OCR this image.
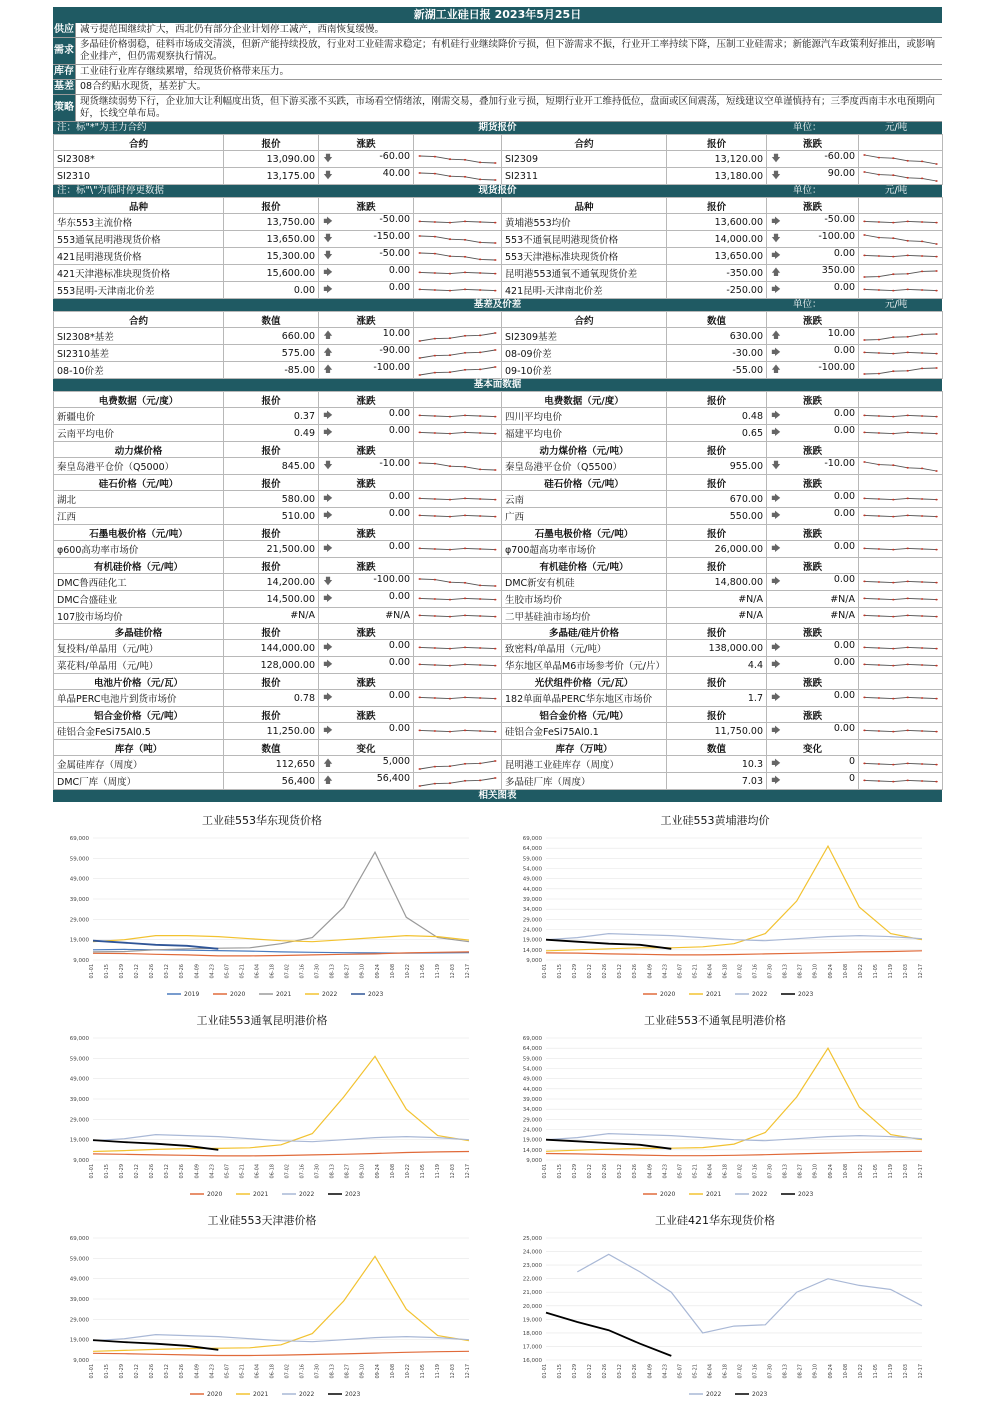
新湖工业硅日报 2023年5月25日
供应 减亏提范围继续扩大，西北仍有部分企业计划停工减产，西南恢复缓慢。
需求
多晶硅价格弱稳，硅料市场成交清淡，但新产能持续投放，行业对工业硅需求稳定；有机硅行业继续降价亏损，但下游需求不振，行业开工率持续下降，压制工业硅需求；新能源汽车政策利好推出，或影响企业排产，但仍需观察执行情况。
库存 工业硅行业库存继续累增，给现货价格带来压力。
基差 08合约贴水现货，基差扩大。
策略
现货继续弱势下行，企业加大让利幅度出货，但下游买涨不买跌，市场看空情绪浓，刚需交易，叠加行业亏损，短期行业开工维持低位，盘面或区间震荡，短线建议空单谨慎持有；三季度西南丰水电预期向好，长线空单布局。
注：标"*"为主力合约	期货报价	单位：	元/吨
合约	报价	涨跌		合约	报价	涨跌	
SI2308*	13,090.00	🡇 -60.00		SI2309	13,120.00	🡇 -60.00	

SI2310	13,175.00	🡇 40.00		SI2311	13,180.00	🡇 90.00	
注：标"\"为临时停更数据	现货报价	单位：	元/吨
品种	报价	涨跌		品种	报价	涨跌	
华东553主流价格	13,750.00	🡆 -50.00		黄埔港553均价	13,600.00	🡆 -50.00	

553通氧昆明港现货价格	13,650.00	🡇 -150.00		553不通氧昆明港现货价格	14,000.00	🡇 -100.00	

421昆明港现货价格	15,300.00	🡇 -50.00		553天津港标准块现货价格	13,650.00	🡆 0.00	

421天津港标准块现货价格	15,600.00	🡆 0.00		昆明港553通氧不通氧现货价差	-350.00	🡅 350.00	

553昆明-天津南北价差	0.00	🡆 0.00		421昆明-天津南北价差	-250.00	🡆 0.00	
基差及价差	单位：	元/吨
合约	数值	涨跌		合约	数值	涨跌	
SI2308*基差	660.00	🡅 10.00		SI2309基差	630.00	🡅 10.00	

SI2310基差	575.00	🡅 -90.00		08-09价差	-30.00	🡆 0.00	

08-10价差	-85.00	🡅 -100.00		09-10价差	-55.00	🡅 -100.00	
基本面数据
电费数据（元/度）	报价	涨跌		电费数据（元/度）	报价	涨跌	
新疆电价	0.37	🡆 0.00		四川平均电价	0.48	🡆 0.00	

云南平均电价	0.49	🡆 0.00		福建平均电价	0.65	🡆 0.00	

动力煤价格	报价	涨跌		动力煤价格（元/吨）	报价	涨跌	
秦皇岛港平仓价（Q5000）	845.00	🡇 -10.00		秦皇岛港平仓价（Q5500）	955.00	🡇 -10.00	

硅石价格（元/吨）	报价	涨跌		硅石价格（元/吨）	报价	涨跌	
湖北	580.00	🡆 0.00		云南	670.00	🡆 0.00	

江西	510.00	🡆 0.00		广西	550.00	🡆 0.00	

石墨电极价格（元/吨）	报价	涨跌		石墨电极价格（元/吨）	报价	涨跌	
φ600高功率市场价	21,500.00	🡆 0.00		φ700超高功率市场价	26,000.00	🡆 0.00	

有机硅价格（元/吨）	报价	涨跌		有机硅价格（元/吨）	报价	涨跌	
DMC鲁西硅化工	14,200.00	🡇 -100.00		DMC新安有机硅	14,800.00	🡆 0.00	

DMC合盛硅业	14,500.00	🡆 0.00		生胶市场均价	#N/A	#N/A	

107胶市场均价	#N/A	#N/A		二甲基硅油市场均价	#N/A	#N/A	

多晶硅价格	报价	涨跌		多晶硅/硅片价格	报价	涨跌	
复投料/单晶用（元/吨）	144,000.00	🡆 0.00		致密料/单晶用（元/吨）	138,000.00	🡆 0.00	

菜花料/单晶用（元/吨）	128,000.00	🡆 0.00		华东地区单晶M6市场参考价（元/片）	4.4	🡆 0.00	

电池片价格（元/瓦）	报价	涨跌		光伏组件价格（元/瓦）	报价	涨跌	
单晶PERC电池片到货市场价	0.78	🡆 0.00		182单面单晶PERC华东地区市场价	1.7	🡆 0.00	

铝合金价格（元/吨）	报价	涨跌		铝合金价格（元/吨）	报价	涨跌	
硅铝合金FeSi75Al0.5	11,250.00	🡆 0.00		硅铝合金FeSi75Al0.1	11,750.00	🡆 0.00	

库存（吨）	数值	变化		库存（万吨）	数值	变化	
金属硅库存（周度）	112,650	🡅 5,000		昆明港工业硅库存（周度）	10.3	🡆 0	

DMC厂库（周度）	56,400	🡅 56,400		多晶硅厂库（周度）	7.03	🡆 0	
相关图表
工业硅553华东现货价格
9,000
19,000
29,000
39,000
49,000
59,000
69,000
01-01 01-15 01-29 02-12 02-26 03-12 03-26 04-09 04-23 05-07 05-21 06-04 06-18 07-02 07-16 07-30 08-13 08-27 09-10 09-24 10-08 10-22 11-05 11-19 12-03 12-17
2019	2020	2021	2022	2023
工业硅553黄埔港均价
9,000
14,000
19,000
24,000
29,000
34,000
39,000
44,000
49,000
54,000
59,000
64,000
69,000
01-01 01-15 01-29 02-12 02-26 03-12 03-26 04-09 04-23 05-07 05-21 06-04 06-18 07-02 07-16 07-30 08-13 08-27 09-10 09-24 10-08 10-22 11-05 11-19 12-03 12-17
2020	2021	2022	2023
工业硅553通氧昆明港价格
9,000
19,000
29,000
39,000
49,000
59,000
69,000
01-01 01-15 01-29 02-12 02-26 03-12 03-26 04-09 04-23 05-07 05-21 06-04 06-18 07-02 07-16 07-30 08-13 08-27 09-10 09-24 10-08 10-22 11-05 11-19 12-03 12-17
2020	2021	2022	2023
工业硅553不通氧昆明港价格
9,000
14,000
19,000
24,000
29,000
34,000
39,000
44,000
49,000
54,000
59,000
64,000
69,000
01-01 01-15 01-29 02-12 02-26 03-12 03-26 04-09 04-23 05-07 05-21 06-04 06-18 07-02 07-16 07-30 08-13 08-27 09-10 09-24 10-08 10-22 11-05 11-19 12-03 12-17
2020	2021	2022	2023
工业硅553天津港价格
9,000
19,000
29,000
39,000
49,000
59,000
69,000
01-01 01-15 01-29 02-12 02-26 03-12 03-26 04-09 04-23 05-07 05-21 06-04 06-18 07-02 07-16 07-30 08-13 08-27 09-10 09-24 10-08 10-22 11-05 11-19 12-03 12-17
2020	2021	2022	2023
工业硅421华东现货价格
16,000
17,000
18,000
19,000
20,000
21,000
22,000
23,000
24,000
25,000
01-01 01-15 01-29 02-12 02-26 03-12 03-26 04-09 04-23 05-07 05-21 06-04 06-18 07-02 07-16 07-30 08-13 08-27 09-10 09-24 10-08 10-22 11-05 11-19 12-03 12-17
2022	2023
